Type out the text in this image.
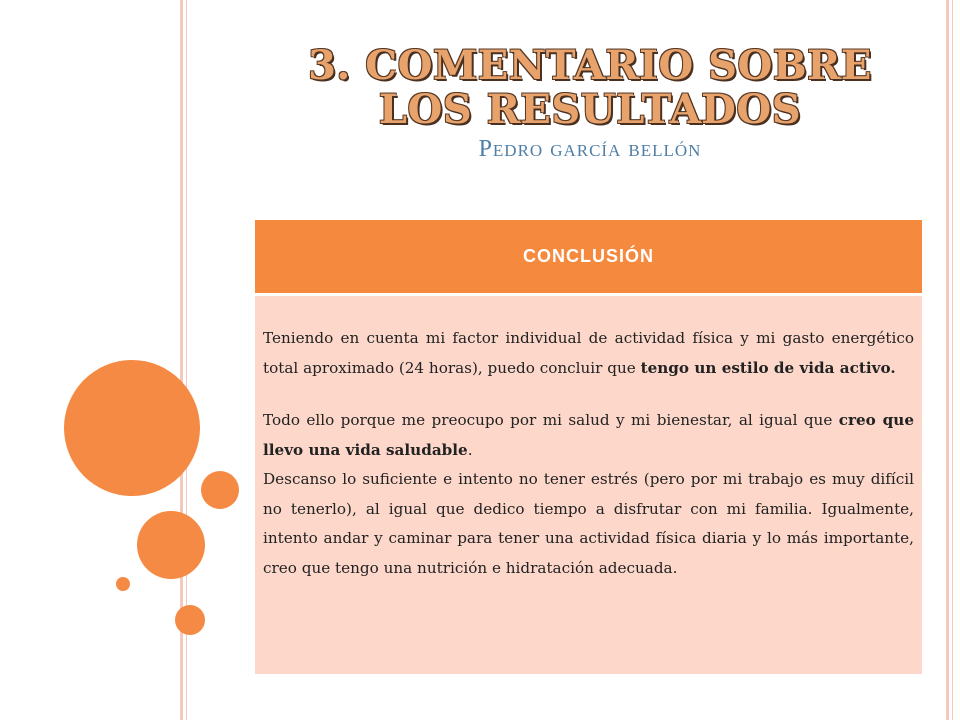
3. COMENTARIO SOBRE
LOS RESULTADOS
Pedro garcía bellón
CONCLUSIÓN

Teniendo en cuenta mi factor individual de actividad física y mi gasto energético total aproximado (24 horas), puedo concluir que tengo un estilo de vida activo.

Todo ello porque me preocupo por mi salud y mi bienestar, al igual que creo que llevo una vida saludable.

Descanso lo suficiente e intento no tener estrés (pero por mi trabajo es muy difícil no tenerlo), al igual que dedico tiempo a disfrutar con mi familia. Igualmente, intento andar y caminar para tener una actividad física diaria y lo más importante, creo que tengo una nutrición e hidratación adecuada.
